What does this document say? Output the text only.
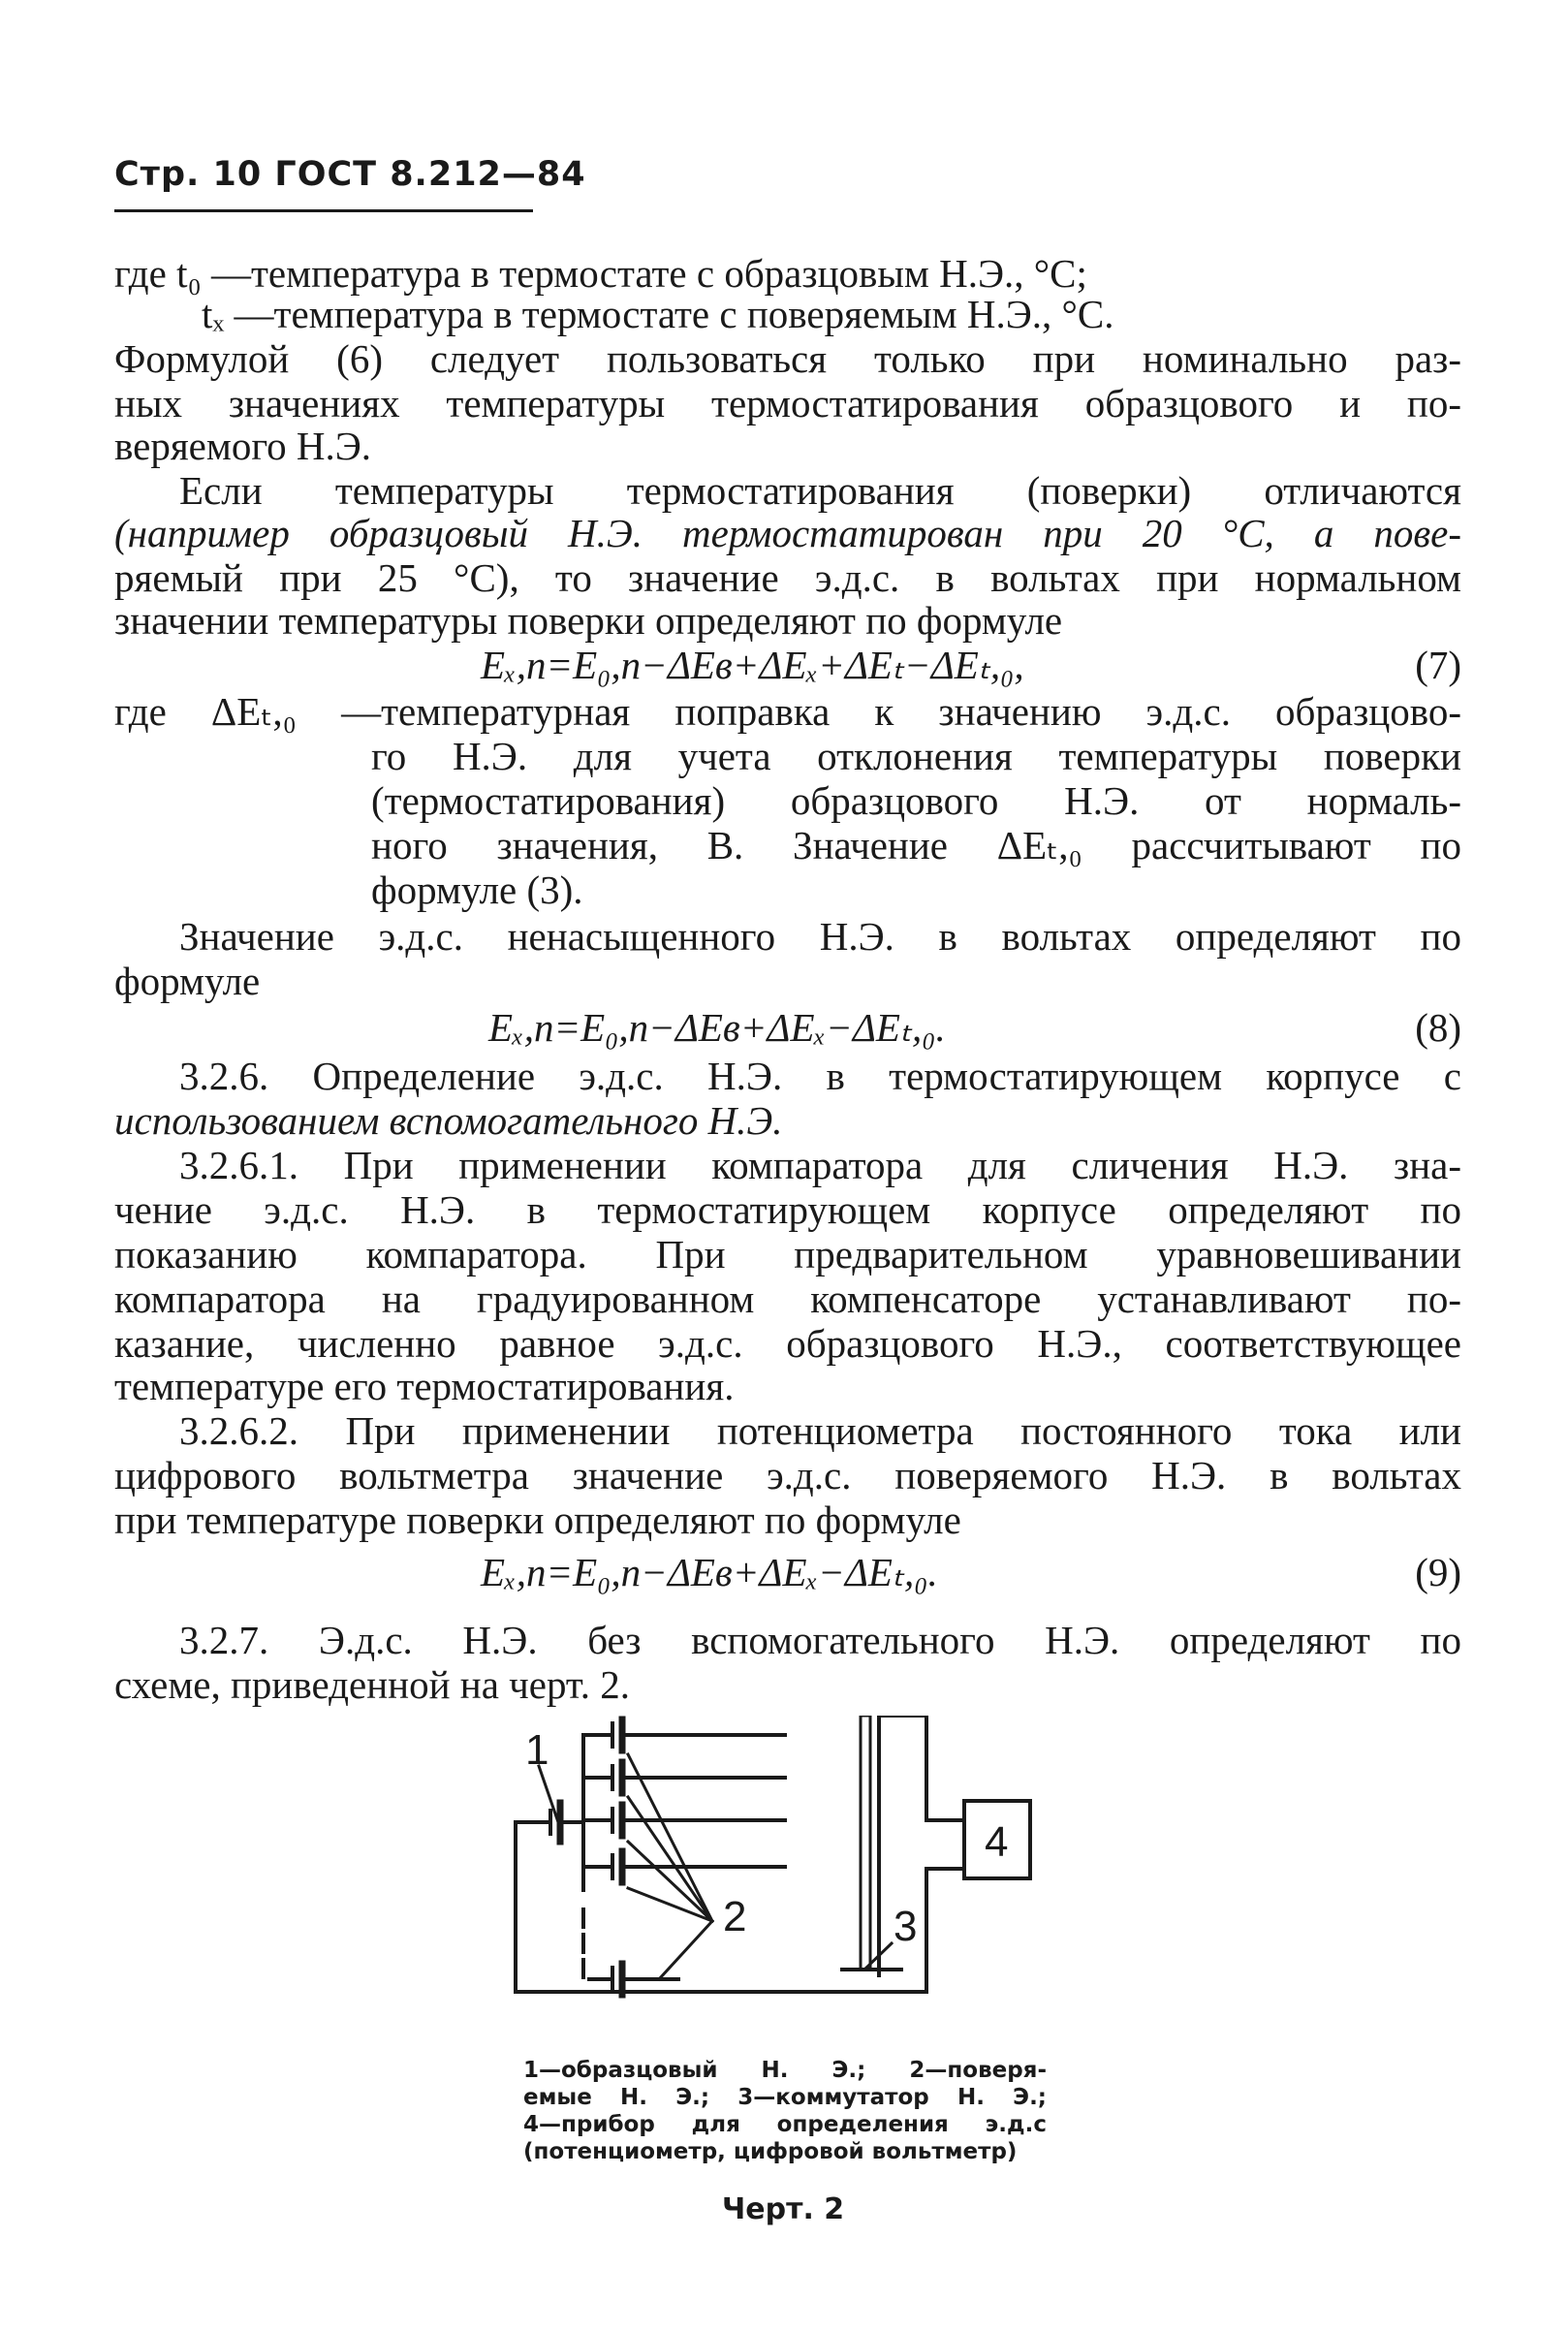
Стр. 10 ГОСТ 8.212—84
где t₀ —температура в термостате с образцовым Н.Э., °С;
tₓ —температура в термостате с поверяемым Н.Э., °С.
Формулой (6) следует пользоваться только при номинально раз-
ных значениях температуры термостатирования образцового и по-
веряемого Н.Э.
Если температуры термостатирования (поверки) отличаются
(например образцовый Н.Э. термостатирован при 20 °С, а пове-
ряемый при 25 °С), то значение э.д.с. в вольтах при нормальном
значении температуры поверки определяют по формуле
Eₓ,п=E₀,п−ΔEв+ΔEₓ+ΔEₜ−ΔEₜ,₀,	(7)
где ΔEₜ,₀ —температурная поправка к значению э.д.с. образцово-
го Н.Э. для учета отклонения температуры поверки
(термостатирования) образцового Н.Э. от нормаль-
ного значения, В. Значение ΔEₜ,₀ рассчитывают по
формуле (3).
Значение э.д.с. ненасыщенного Н.Э. в вольтах определяют по
формуле
Eₓ,п=E₀,п−ΔEв+ΔEₓ−ΔEₜ,₀.	(8)
3.2.6. Определение э.д.с. Н.Э. в термостатирующем корпусе с
использованием вспомогательного Н.Э.
3.2.6.1. При применении компаратора для сличения Н.Э. зна-
чение э.д.с. Н.Э. в термостатирующем корпусе определяют по
показанию компаратора. При предварительном уравновешивании
компаратора на градуированном компенсаторе устанавливают по-
казание, численно равное э.д.с. образцового Н.Э., соответствующее
температуре его термостатирования.
3.2.6.2. При применении потенциометра постоянного тока или
цифрового вольтметра значение э.д.с. поверяемого Н.Э. в вольтах
при температуре поверки определяют по формуле
Eₓ,п=E₀,п−ΔEв+ΔEₓ−ΔEₜ,₀.	(9)
3.2.7. Э.д.с. Н.Э. без вспомогательного Н.Э. определяют по
схеме, приведенной на черт. 2.
1
2	3
4
1—образцовый Н. Э.; 2—поверя-
емые Н. Э.; 3—коммутатор Н. Э.;
4—прибор для определения э.д.с
(потенциометр, цифровой вольтметр)
Черт. 2
